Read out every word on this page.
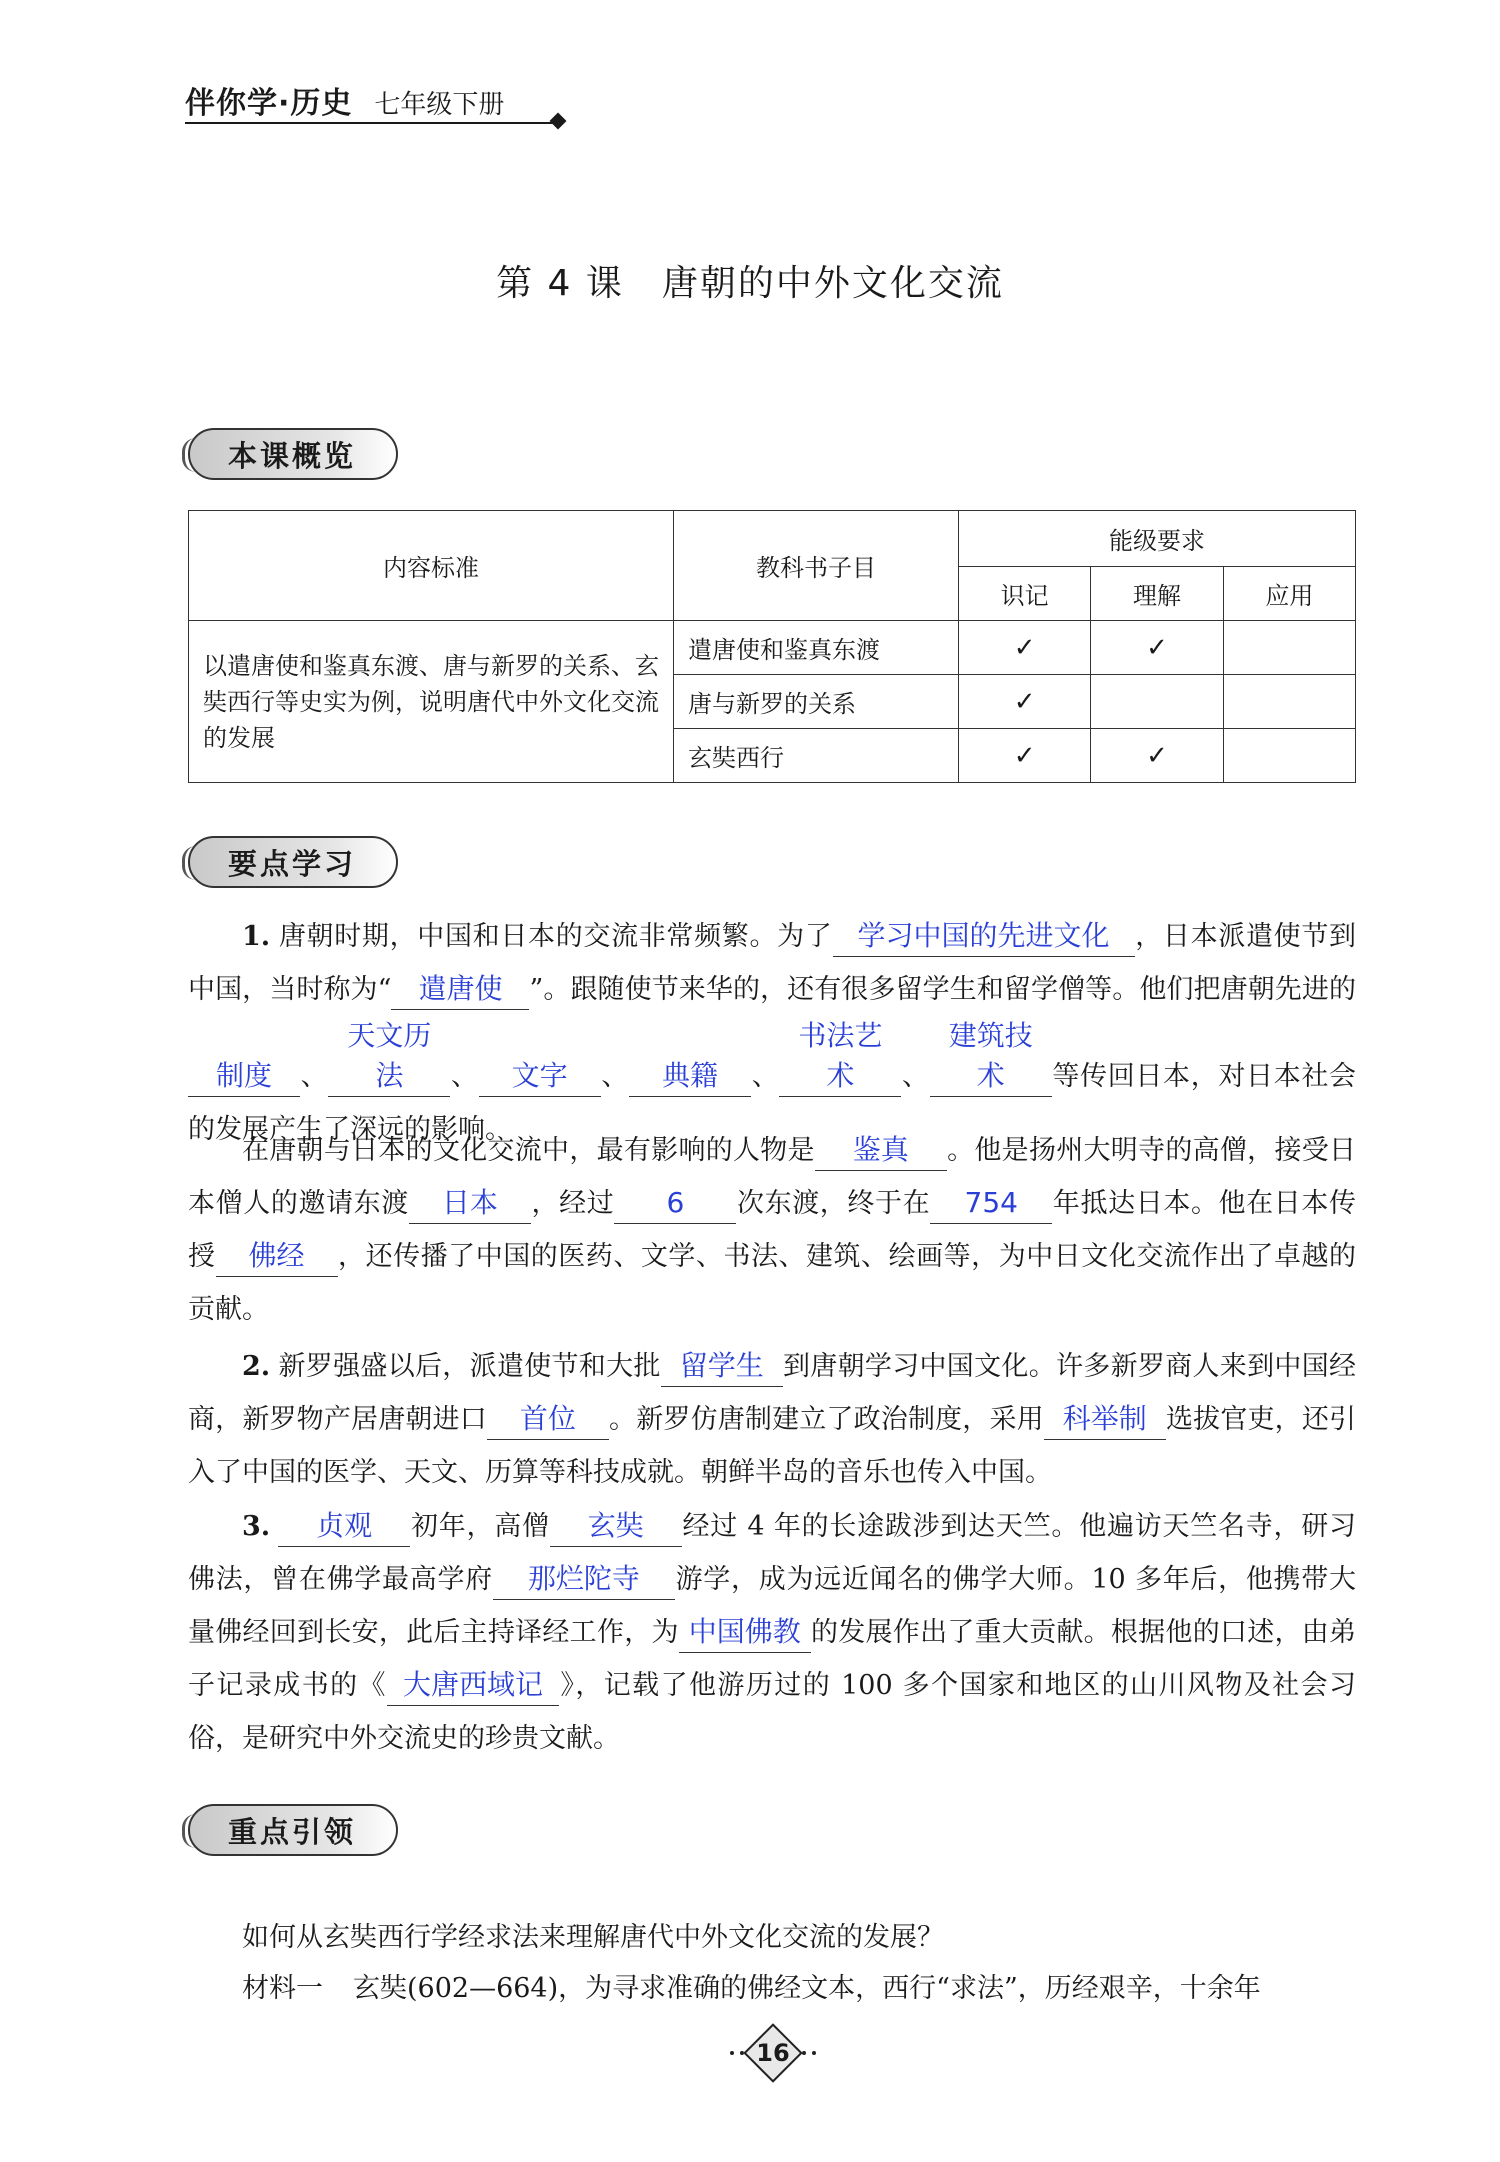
伴你学·历史 七年级下册
第 4 课　唐朝的中外文化交流
本课概览
内容标准	教科书子目	能级要求		
		识记	理解	应用
以遣唐使和鉴真东渡、唐与新罗的关系、玄奘西行等史实为例，说明唐代中外文化交流的发展	遣唐使和鉴真东渡	✓	✓	
	唐与新罗的关系	✓		
	玄奘西行	✓	✓	
要点学习
1. 唐朝时期，中国和日本的交流非常频繁。为了 学习中国的先进文化 ，日本派遣使节到中国，当时称为“ 遣唐使 ”。跟随使节来华的，还有很多留学生和留学僧等。他们把唐朝先进的制度 、天文历法 、 文字 、 典籍 、书法艺术 、建筑技术 等传回日本，对日本社会的发展产生了深远的影响。
在唐朝与日本的文化交流中，最有影响的人物是 鉴真 。他是扬州大明寺的高僧，接受日本僧人的邀请东渡 日本 ，经过 6 次东渡，终于在 754 年抵达日本。他在日本传授 佛经 ，还传播了中国的医药、文学、书法、建筑、绘画等，为中日文化交流作出了卓越的贡献。
2. 新罗强盛以后，派遣使节和大批 留学生 到唐朝学习中国文化。许多新罗商人来到中国经商，新罗物产居唐朝进口 首位 。新罗仿唐制建立了政治制度，采用 科举制 选拔官吏，还引入了中国的医学、天文、历算等科技成就。朝鲜半岛的音乐也传入中国。
3. 贞观 初年，高僧 玄奘 经过 4 年的长途跋涉到达天竺。他遍访天竺名寺，研习佛法，曾在佛学最高学府 那烂陀寺 游学，成为远近闻名的佛学大师。10 多年后，他携带大量佛经回到长安，此后主持译经工作，为 中国佛教 的发展作出了重大贡献。根据他的口述，由弟子记录成书的《 大唐西域记 》，记载了他游历过的 100 多个国家和地区的山川风物及社会习俗，是研究中外交流史的珍贵文献。
重点引领
如何从玄奘西行学经求法来理解唐代中外文化交流的发展？
材料一 玄奘(602—664)，为寻求准确的佛经文本，西行“求法”，历经艰辛，十余年
16
